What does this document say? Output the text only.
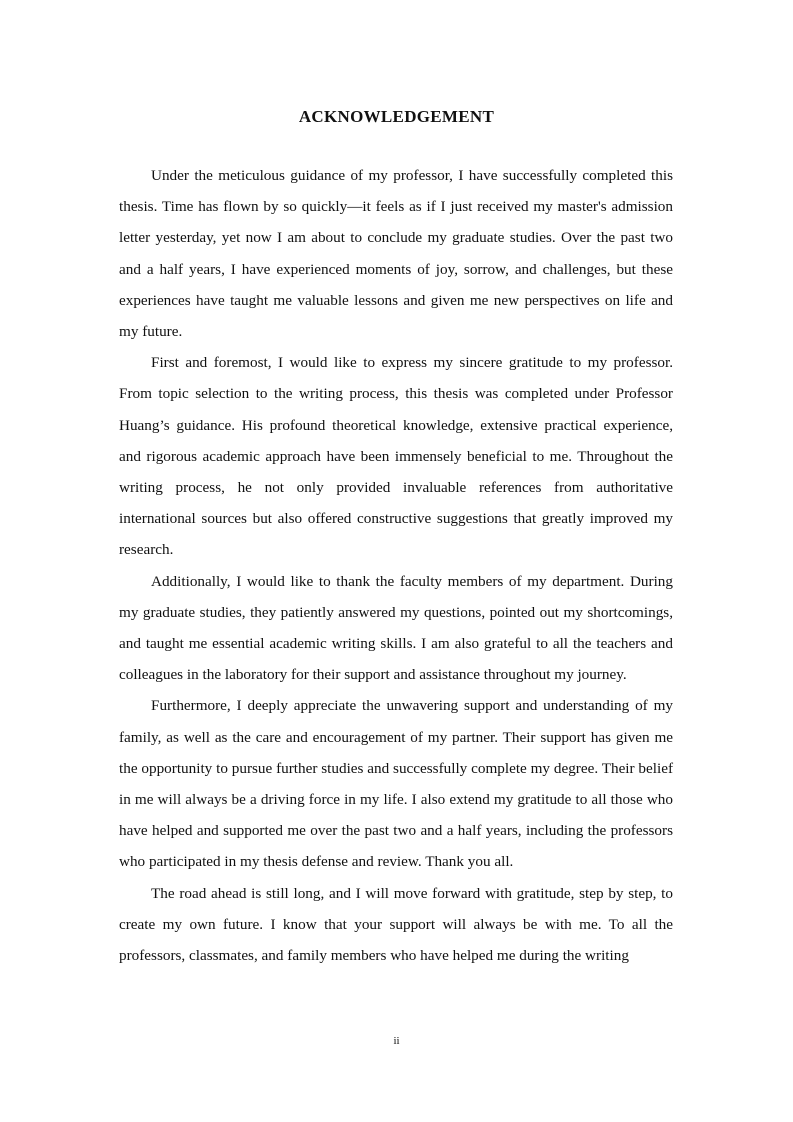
ACKNOWLEDGEMENT

Under the meticulous guidance of my professor, I have successfully completed this thesis. Time has flown by so quickly—it feels as if I just received my master's admission letter yesterday, yet now I am about to conclude my graduate studies. Over the past two and a half years, I have experienced moments of joy, sorrow, and challenges, but these experiences have taught me valuable lessons and given me new perspectives on life and my future.

First and foremost, I would like to express my sincere gratitude to my professor. From topic selection to the writing process, this thesis was completed under Professor Huang’s guidance. His profound theoretical knowledge, extensive practical experience, and rigorous academic approach have been immensely beneficial to me. Throughout the writing process, he not only provided invaluable references from authoritative international sources but also offered constructive suggestions that greatly improved my research.

Additionally, I would like to thank the faculty members of my department. During my graduate studies, they patiently answered my questions, pointed out my shortcomings, and taught me essential academic writing skills. I am also grateful to all the teachers and colleagues in the laboratory for their support and assistance throughout my journey.

Furthermore, I deeply appreciate the unwavering support and understanding of my family, as well as the care and encouragement of my partner. Their support has given me the opportunity to pursue further studies and successfully complete my degree. Their belief in me will always be a driving force in my life. I also extend my gratitude to all those who have helped and supported me over the past two and a half years, including the professors who participated in my thesis defense and review. Thank you all.

The road ahead is still long, and I will move forward with gratitude, step by step, to create my own future. I know that your support will always be with me. To all the professors, classmates, and family members who have helped me during the writing

ii
